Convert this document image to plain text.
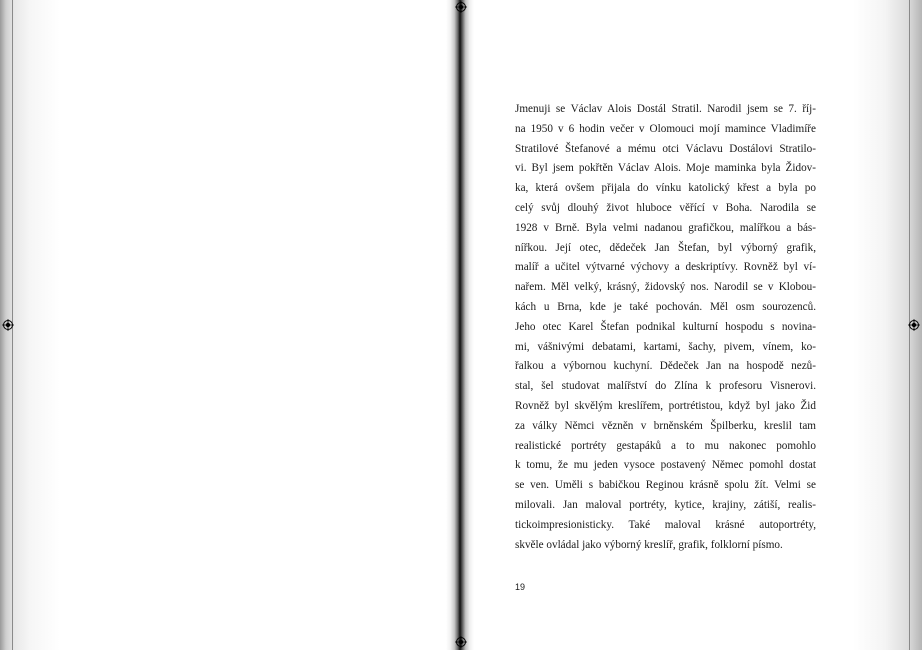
Jmenuji se Václav Alois Dostál Stratil. Narodil jsem se 7. říj-
na 1950 v 6 hodin večer v Olomouci mojí mamince Vladimíře
Stratilové Štefanové a mému otci Václavu Dostálovi Stratilo-
vi. Byl jsem pokřtěn Václav Alois. Moje maminka byla Židov-
ka, která ovšem přijala do vínku katolický křest a byla po
celý svůj dlouhý život hluboce věřící v Boha. Narodila se
1928 v Brně. Byla velmi nadanou grafičkou, malířkou a bás-
nířkou. Její otec, dědeček Jan Štefan, byl výborný grafik,
malíř a učitel výtvarné výchovy a deskriptívy. Rovněž byl ví-
nařem. Měl velký, krásný, židovský nos. Narodil se v Klobou-
kách u Brna, kde je také pochován. Měl osm sourozenců.
Jeho otec Karel Štefan podnikal kulturní hospodu s novina-
mi, vášnivými debatami, kartami, šachy, pivem, vínem, ko-
řalkou a výbornou kuchyní. Dědeček Jan na hospodě nezů-
stal, šel studovat malířství do Zlína k profesoru Visnerovi.
Rovněž byl skvělým kreslířem, portrétistou, když byl jako Žid
za války Němci vězněn v brněnském Špilberku, kreslil tam
realistické portréty gestapáků a to mu nakonec pomohlo
k tomu, že mu jeden vysoce postavený Němec pomohl dostat
se ven. Uměli s babičkou Reginou krásně spolu žít. Velmi se
milovali. Jan maloval portréty, kytice, krajiny, zátiší, realis-
tickoimpresionisticky. Také maloval krásné autoportréty,
skvěle ovládal jako výborný kreslíř, grafik, folklorní písmo.
19
